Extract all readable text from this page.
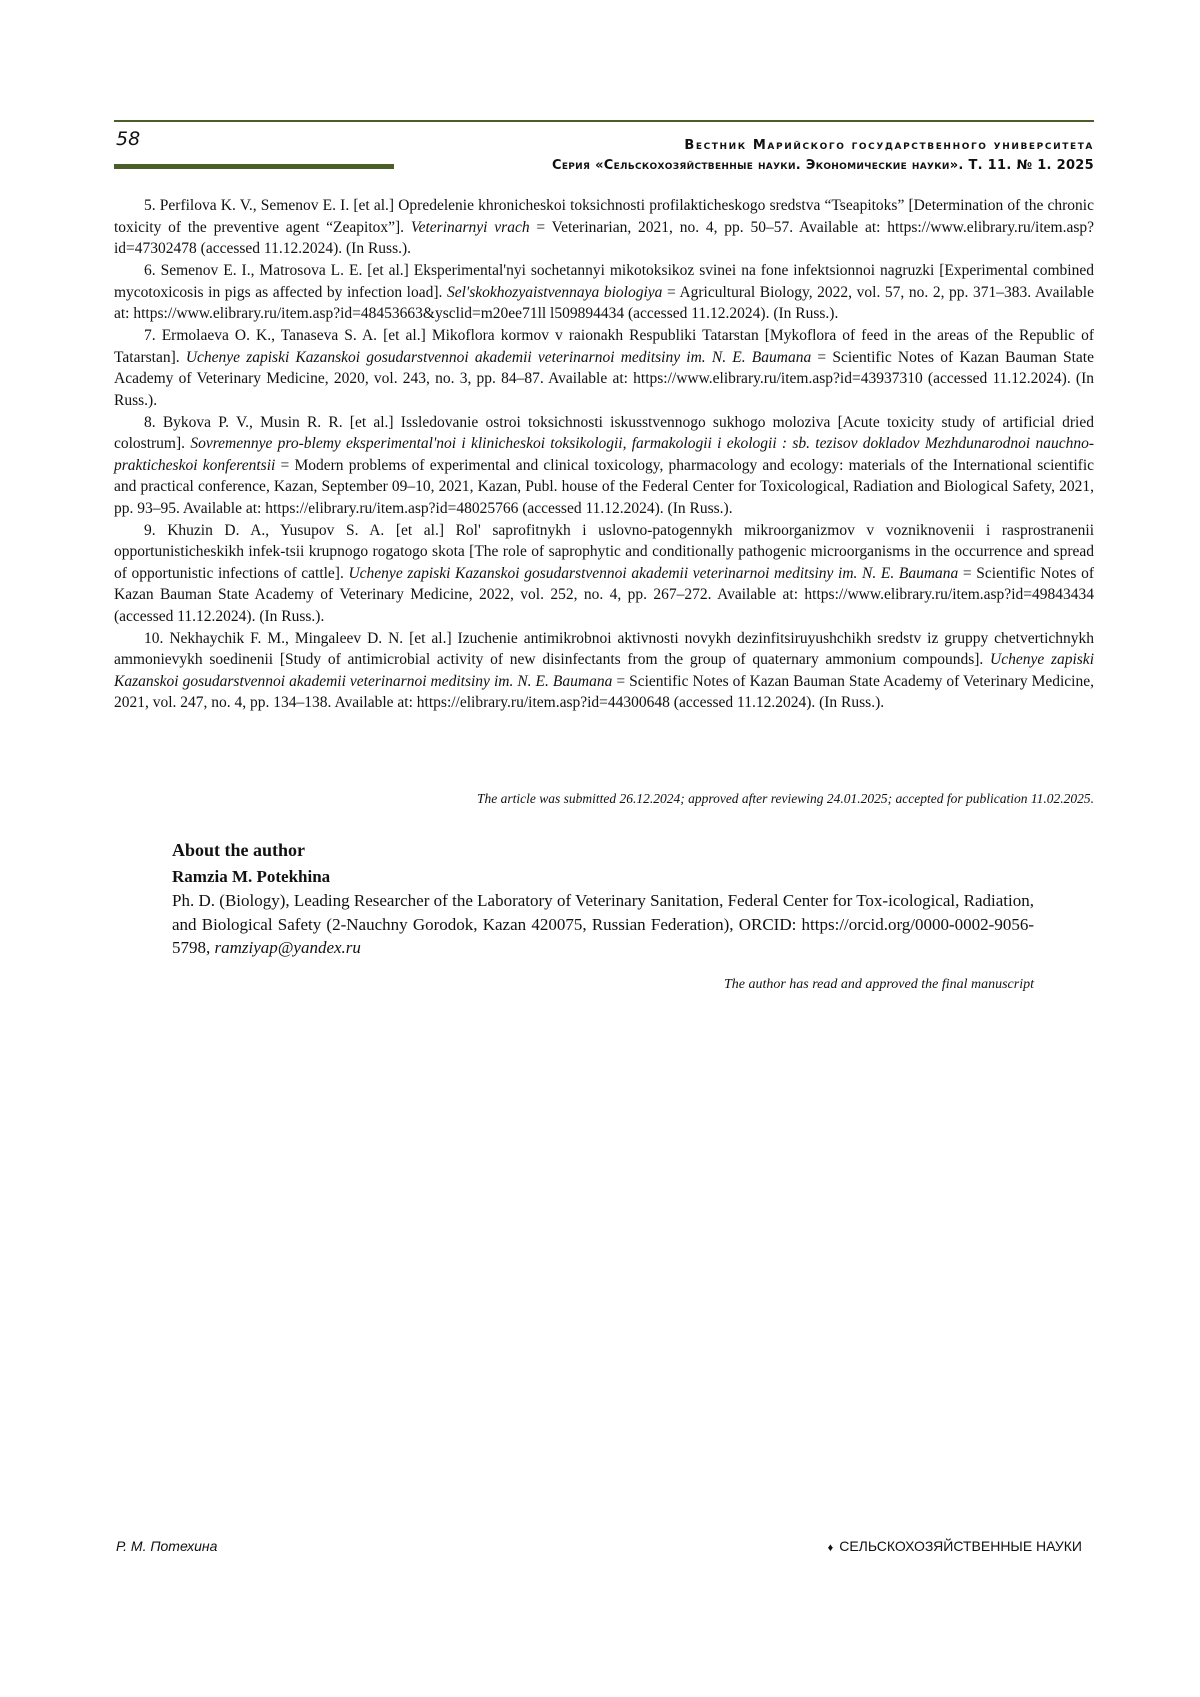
58	Вестник Марийского государственного университета
Серия «Сельскохозяйственные науки. Экономические науки». Т. 11. № 1. 2025

5. Perfilova K. V., Semenov E. I. [et al.] Opredelenie khronicheskoi toksichnosti profilakticheskogo sredstva “Tseapitoks” [Determination of the chronic toxicity of the preventive agent “Zeapitox”]. Veterinarnyi vrach = Veterinarian, 2021, no. 4, pp. 50–57. Available at: https://www.elibrary.ru/item.asp?id=47302478 (accessed 11.12.2024). (In Russ.).

6. Semenov E. I., Matrosova L. E. [et al.] Eksperimental'nyi sochetannyi mikotoksikoz svinei na fone infektsionnoi nagruzki [Experimental combined mycotoxicosis in pigs as affected by infection load]. Sel'skokhozyaistvennaya biologiya = Agricultural Biology, 2022, vol. 57, no. 2, pp. 371–383. Available at: https://www.elibrary.ru/item.asp?id=48453663&ysclid=m20ee71ll l509894434 (accessed 11.12.2024). (In Russ.).

7. Ermolaeva O. K., Tanaseva S. A. [et al.] Mikoflora kormov v raionakh Respubliki Tatarstan [Mykoflora of feed in the areas of the Republic of Tatarstan]. Uchenye zapiski Kazanskoi gosudarstvennoi akademii veterinarnoi meditsiny im. N. E. Baumana = Scientific Notes of Kazan Bauman State Academy of Veterinary Medicine, 2020, vol. 243, no. 3, pp. 84–87. Available at: https://www.elibrary.ru/item.asp?id=43937310 (accessed 11.12.2024). (In Russ.).

8. Bykova P. V., Musin R. R. [et al.] Issledovanie ostroi toksichnosti iskusstvennogo sukhogo moloziva [Acute toxicity study of artificial dried colostrum]. Sovremennye pro-blemy eksperimental'noi i klinicheskoi toksikologii, farmakologii i ekologii : sb. tezisov dokladov Mezhdunarodnoi nauchno-prakticheskoi konferentsii = Modern problems of experimental and clinical toxicology, pharmacology and ecology: materials of the International scientific and practical conference, Kazan, September 09–10, 2021, Kazan, Publ. house of the Federal Center for Toxicological, Radiation and Biological Safety, 2021, pp. 93–95. Available at: https://elibrary.ru/item.asp?id=48025766 (accessed 11.12.2024). (In Russ.).

9. Khuzin D. A., Yusupov S. A. [et al.] Rol' saprofitnykh i uslovno-patogennykh mikroorganizmov v vozniknovenii i rasprostranenii opportunisticheskikh infek-tsii krupnogo rogatogo skota [The role of saprophytic and conditionally pathogenic microorganisms in the occurrence and spread of opportunistic infections of cattle]. Uchenye zapiski Kazanskoi gosudarstvennoi akademii veterinarnoi meditsiny im. N. E. Baumana = Scientific Notes of Kazan Bauman State Academy of Veterinary Medicine, 2022, vol. 252, no. 4, pp. 267–272. Available at: https://www.elibrary.ru/item.asp?id=49843434 (accessed 11.12.2024). (In Russ.).

10. Nekhaychik F. M., Mingaleev D. N. [et al.] Izuchenie antimikrobnoi aktivnosti novykh dezinfitsiruyushchikh sredstv iz gruppy chetvertichnykh ammonievykh soedinenii [Study of antimicrobial activity of new disinfectants from the group of quaternary ammonium compounds]. Uchenye zapiski Kazanskoi gosudarstvennoi akademii veterinarnoi meditsiny im. N. E. Baumana = Scientific Notes of Kazan Bauman State Academy of Veterinary Medicine, 2021, vol. 247, no. 4, pp. 134–138. Available at: https://elibrary.ru/item.asp?id=44300648 (accessed 11.12.2024). (In Russ.).

The article was submitted 26.12.2024; approved after reviewing 24.01.2025; accepted for publication 11.02.2025.
About the author
Ramzia M. Potekhina

Ph. D. (Biology), Leading Researcher of the Laboratory of Veterinary Sanitation, Federal Center for Tox-icological, Radiation, and Biological Safety (2-Nauchny Gorodok, Kazan 420075, Russian Federation), ORCID: https://orcid.org/0000-0002-9056-5798, ramziyap@yandex.ru

The author has read and approved the final manuscript
Р. М. Потехина	♦ СЕЛЬСКОХОЗЯЙСТВЕННЫЕ НАУКИ
